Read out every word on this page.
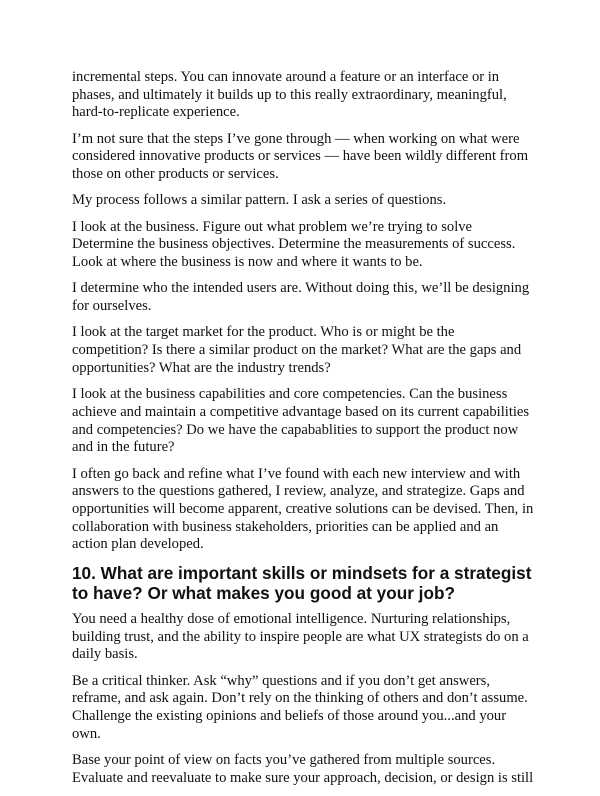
incremental steps. You can innovate around a feature or an interface or in phases, and ultimately it builds up to this really extraordinary, meaningful, hard-to-replicate experience.

I’m not sure that the steps I’ve gone through — when working on what were considered innovative products or services — have been wildly different from those on other products or services.

My process follows a similar pattern. I ask a series of questions.

I look at the business. Figure out what problem we’re trying to solve Determine the business objectives. Determine the measurements of success. Look at where the business is now and where it wants to be.

I determine who the intended users are. Without doing this, we’ll be designing for ourselves.

I look at the target market for the product. Who is or might be the competition? Is there a similar product on the market? What are the gaps and opportunities? What are the industry trends?

I look at the business capabilities and core competencies. Can the business achieve and maintain a competitive advantage based on its current capabilities and competencies? Do we have the capabablities to support the product now and in the future?

I often go back and refine what I’ve found with each new interview and with answers to the questions gathered, I review, analyze, and strategize. Gaps and opportunities will become apparent, creative solutions can be devised. Then, in collaboration with business stakeholders, priorities can be applied and an action plan developed.

10. What are important skills or mindsets for a strategist to have? Or what makes you good at your job?

You need a healthy dose of emotional intelligence. Nurturing relationships, building trust, and the ability to inspire people are what UX strategists do on a daily basis.

Be a critical thinker. Ask “why” questions and if you don’t get answers, reframe, and ask again. Don’t rely on the thinking of others and don’t assume. Challenge the existing opinions and beliefs of those around you...and your own.

Base your point of view on facts you’ve gathered from multiple sources. Evaluate and reevaluate to make sure your approach, decision, or design is still
